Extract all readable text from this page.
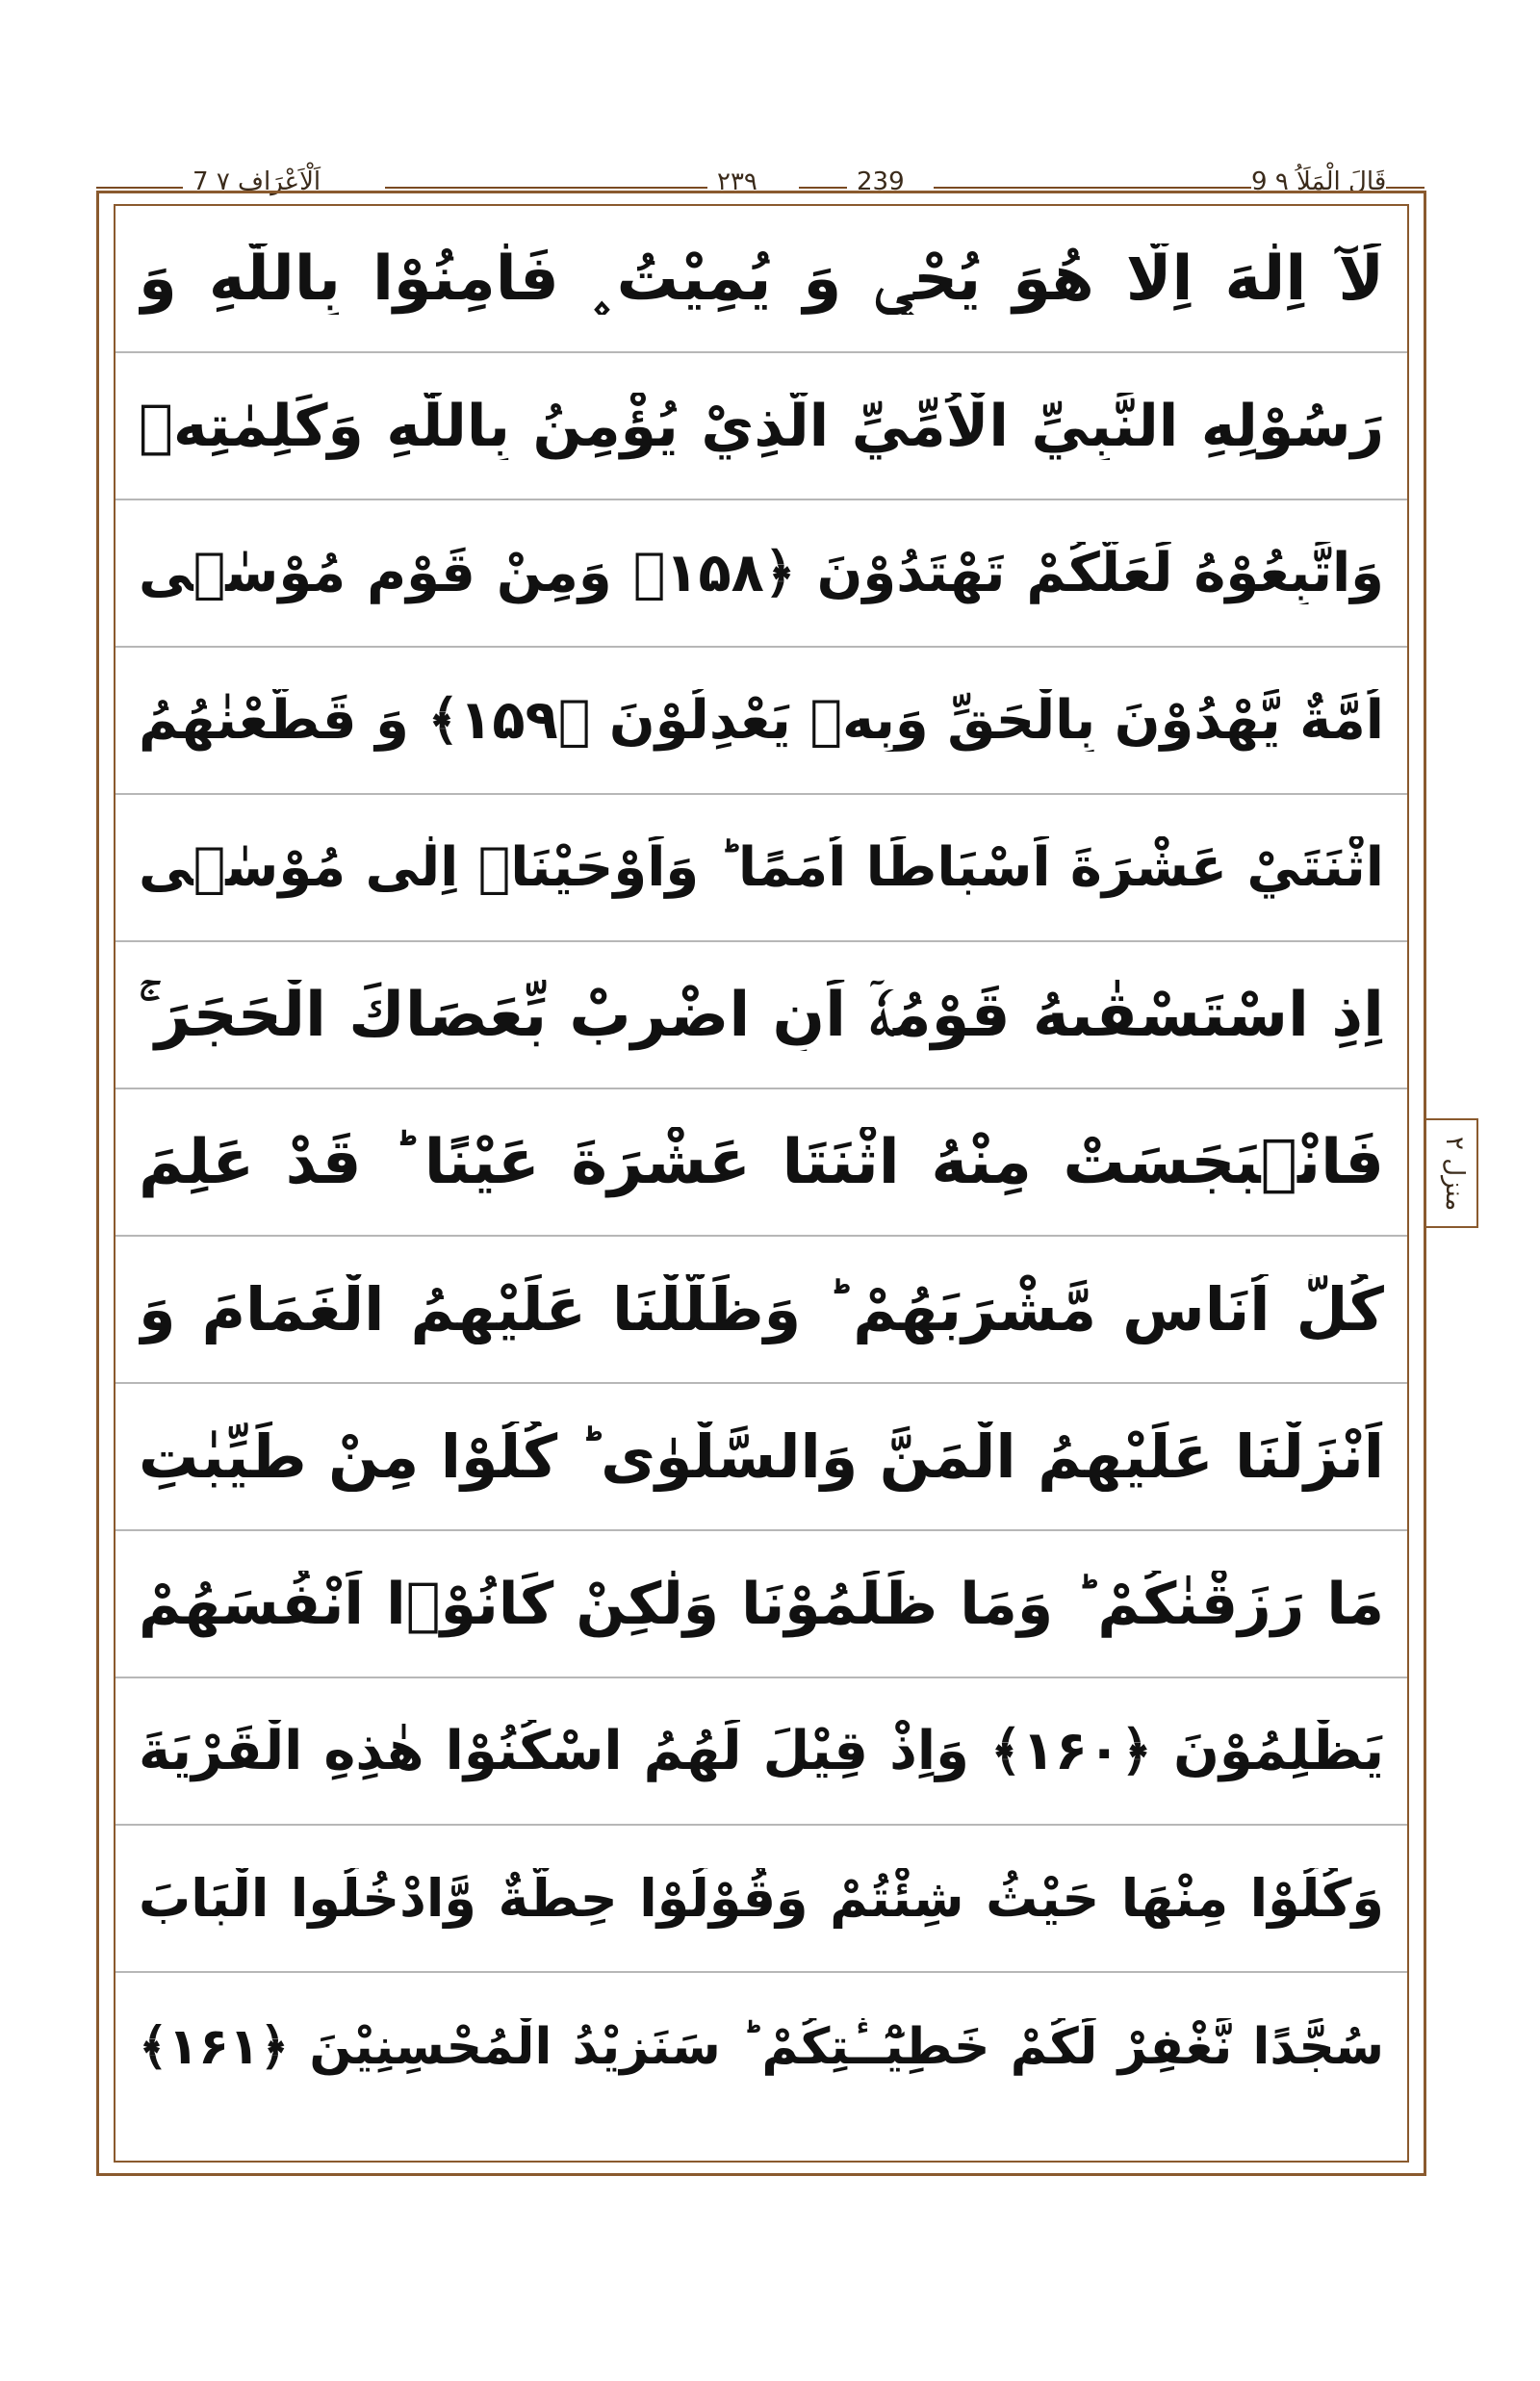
7 اَلْاَعْرَاف ۷	۲۳۹	239	9 قَالَ الْمَلَاُ ۹
منزل ۲
لَآ اِلٰهَ اِلَّا هُوَ يُحْيٖ وَ يُمِيْتُ ۪ فَاٰمِنُوْا بِاللّٰهِ وَ
رَسُوْلِهِ النَّبِيِّ الْاُمِّيِّ الَّذِيْ يُؤْمِنُ بِاللّٰهِ وَكَلِمٰتِهٖ
وَاتَّبِعُوْهُ لَعَلَّكُمْ تَهْتَدُوْنَ ﴿۱۵۸﴾ وَمِنْ قَوْمِ مُوْسٰۤى
اُمَّةٌ يَّهْدُوْنَ بِالْحَقِّ وَبِهٖ يَعْدِلُوْنَ ﴿۱۵۹﴾ وَ قَطَّعْنٰهُمُ
اثْنَتَيْ عَشْرَةَ اَسْبَاطًا اُمَمًا ؕ وَاَوْحَيْنَاۤ اِلٰى مُوْسٰۤى
اِذِ اسْتَسْقٰىهُ قَوْمُهٗۤ اَنِ اضْرِبْ بِّعَصَاكَ الْحَجَرَ ۚ
فَانْۢبَجَسَتْ مِنْهُ اثْنَتَا عَشْرَةَ عَيْنًا ؕ قَدْ عَلِمَ
كُلُّ اُنَاسٍ مَّشْرَبَهُمْ ؕ وَظَلَّلْنَا عَلَيْهِمُ الْغَمَامَ وَ
اَنْزَلْنَا عَلَيْهِمُ الْمَنَّ وَالسَّلْوٰى ؕ كُلُوْا مِنْ طَيِّبٰتِ
مَا رَزَقْنٰكُمْ ؕ وَمَا ظَلَمُوْنَا وَلٰكِنْ كَانُوْۤا اَنْفُسَهُمْ
يَظْلِمُوْنَ ﴿۱۶۰﴾ وَاِذْ قِيْلَ لَهُمُ اسْكُنُوْا هٰذِهِ الْقَرْيَةَ
وَكُلُوْا مِنْهَا حَيْثُ شِئْتُمْ وَقُوْلُوْا حِطَّةٌ وَّادْخُلُوا الْبَابَ
سُجَّدًا نَّغْفِرْ لَكُمْ خَطِيْٓــٰٔتِكُمْ ؕ سَنَزِيْدُ الْمُحْسِنِيْنَ ﴿۱۶۱﴾
